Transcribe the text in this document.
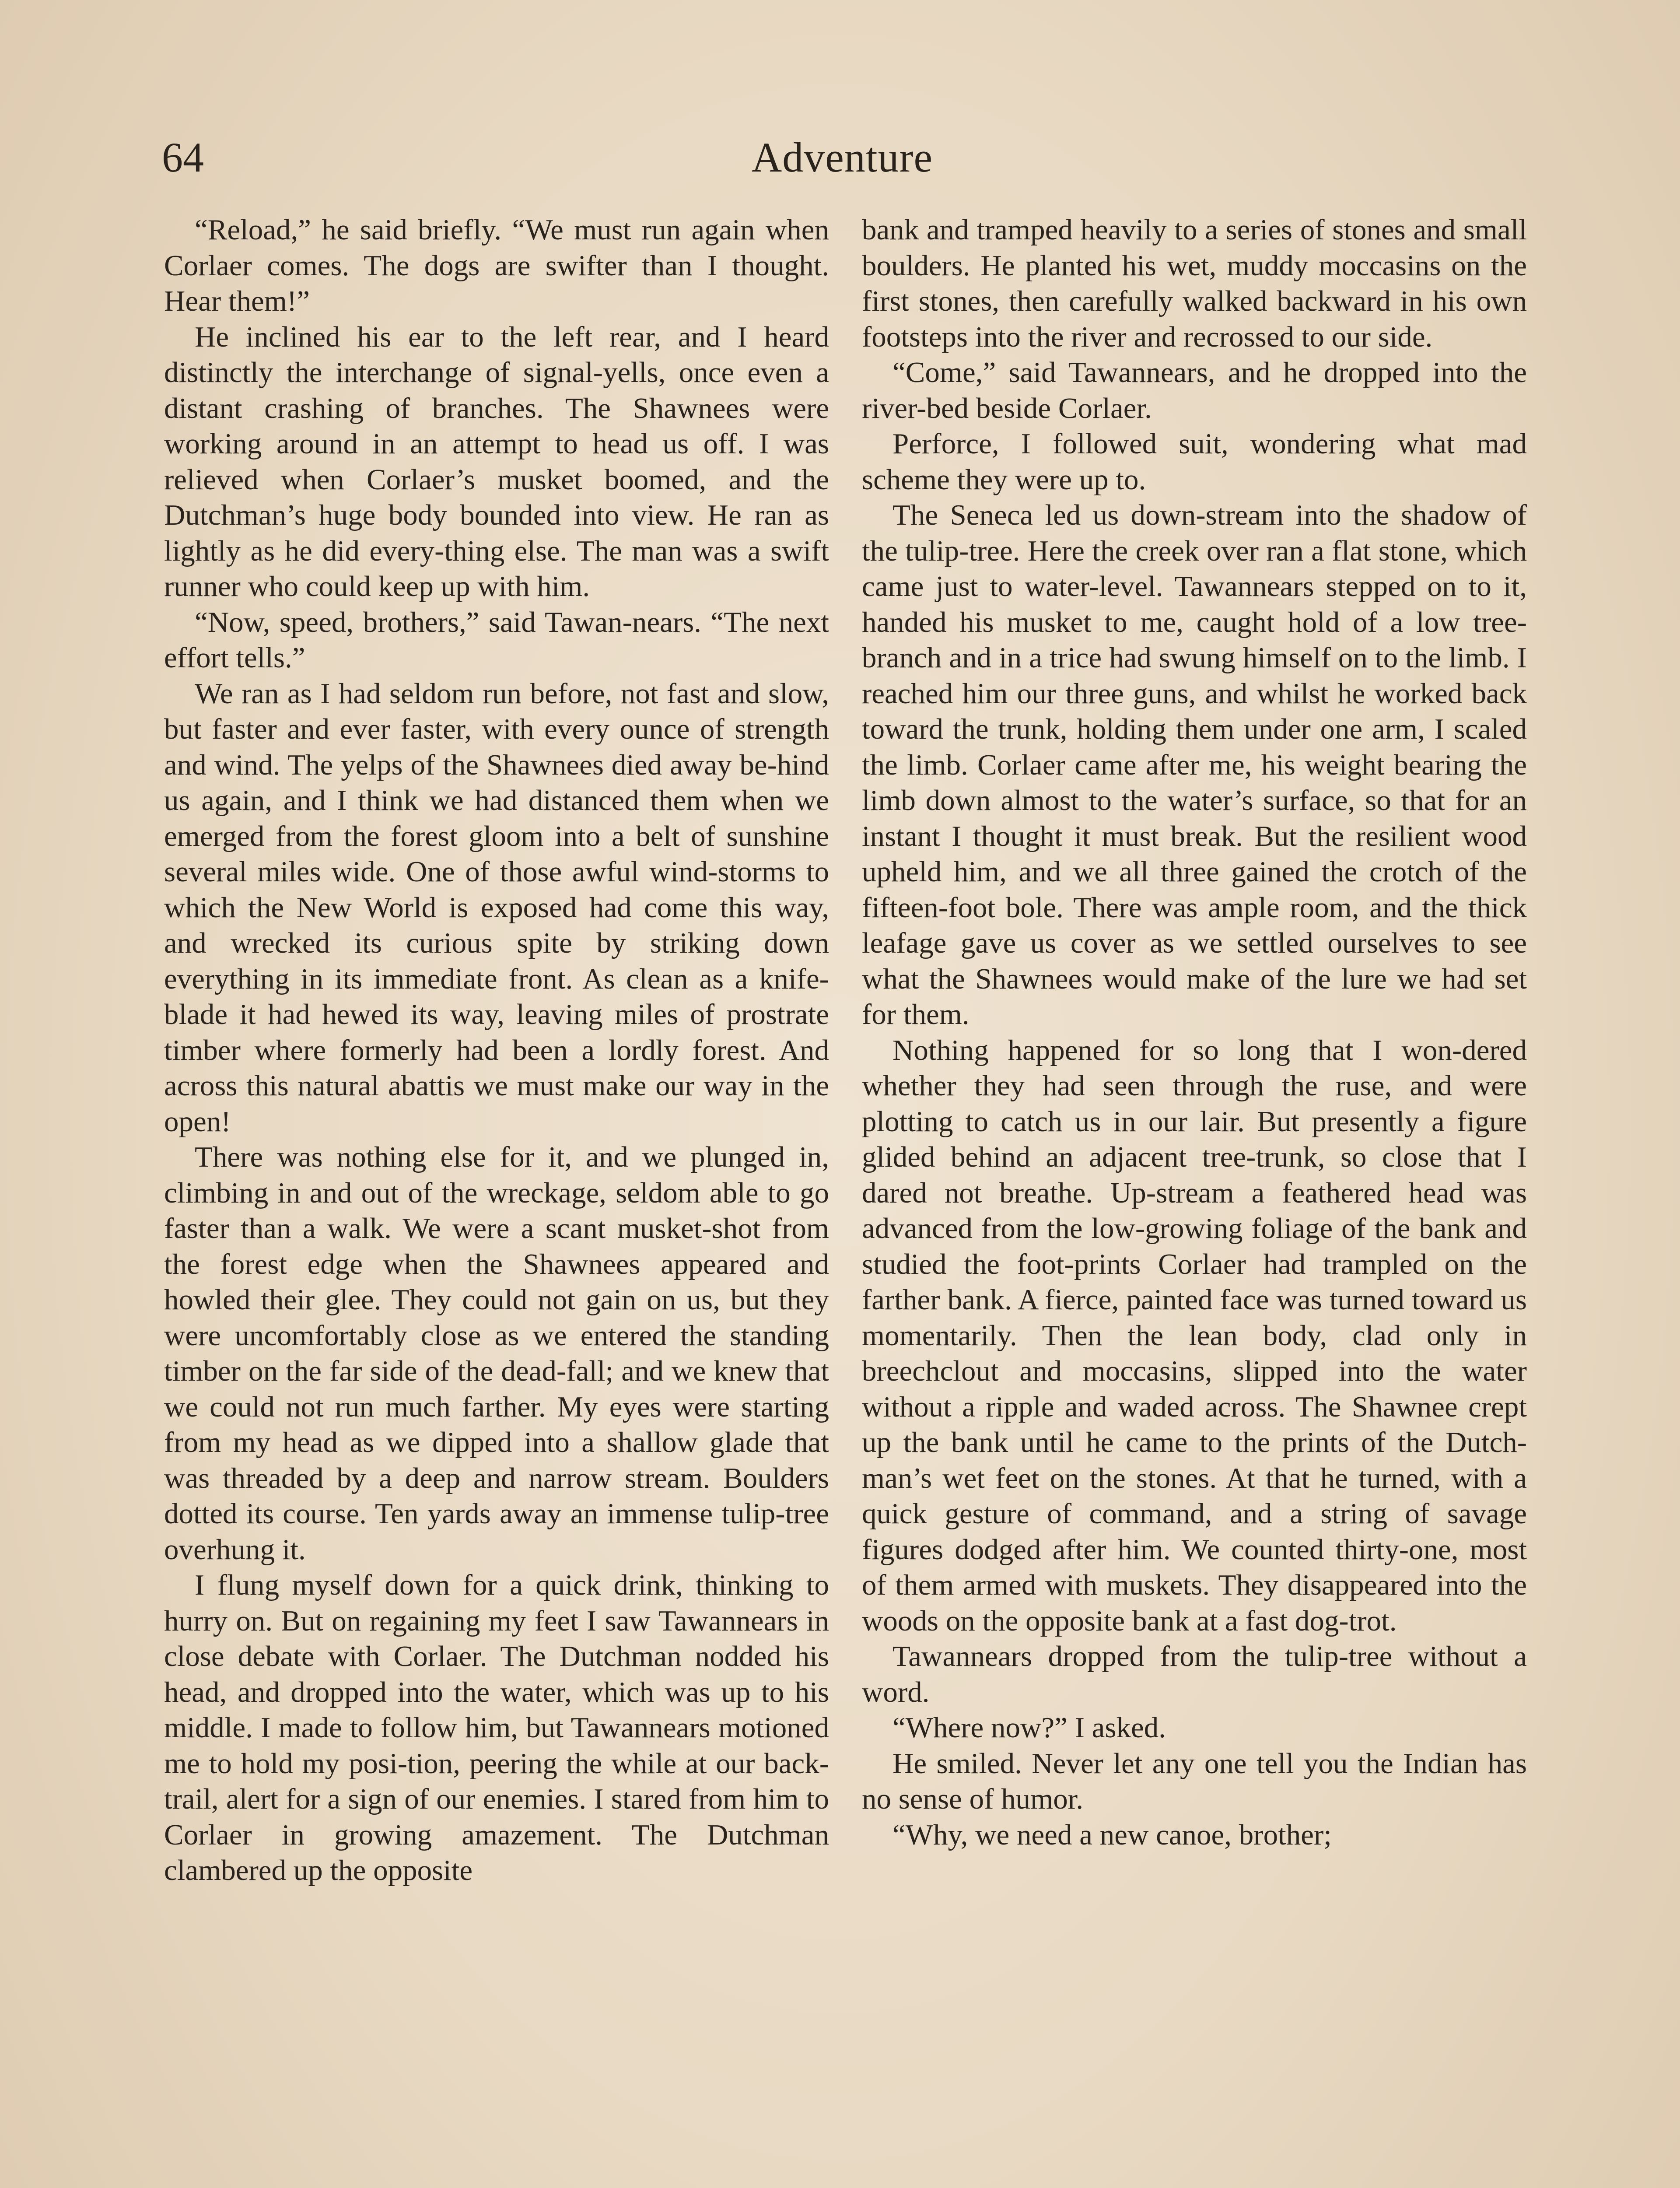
64	Adventure

“Reload,” he said briefly. “We must run again when Corlaer comes. The dogs are swifter than I thought. Hear them!”

He inclined his ear to the left rear, and I heard distinctly the interchange of signal-yells, once even a distant crashing of branches. The Shawnees were working around in an attempt to head us off. I was relieved when Corlaer’s musket boomed, and the Dutchman’s huge body bounded into view. He ran as lightly as he did every-thing else. The man was a swift runner who could keep up with him.

“Now, speed, brothers,” said Tawan-nears. “The next effort tells.”

We ran as I had seldom run before, not fast and slow, but faster and ever faster, with every ounce of strength and wind. The yelps of the Shawnees died away be-hind us again, and I think we had distanced them when we emerged from the forest gloom into a belt of sunshine several miles wide. One of those awful wind-storms to which the New World is exposed had come this way, and wrecked its curious spite by striking down everything in its immediate front. As clean as a knife-blade it had hewed its way, leaving miles of prostrate timber where formerly had been a lordly forest. And across this natural abattis we must make our way in the open!

There was nothing else for it, and we plunged in, climbing in and out of the wreckage, seldom able to go faster than a walk. We were a scant musket-shot from the forest edge when the Shawnees appeared and howled their glee. They could not gain on us, but they were uncomfortably close as we entered the standing timber on the far side of the dead-fall; and we knew that we could not run much farther. My eyes were starting from my head as we dipped into a shallow glade that was threaded by a deep and narrow stream. Boulders dotted its course. Ten yards away an immense tulip-tree overhung it.

I flung myself down for a quick drink, thinking to hurry on. But on regaining my feet I saw Tawannears in close debate with Corlaer. The Dutchman nodded his head, and dropped into the water, which was up to his middle. I made to follow him, but Tawannears motioned me to hold my posi-tion, peering the while at our back-trail, alert for a sign of our enemies. I stared from him to Corlaer in growing amazement. The Dutchman clambered up the opposite

bank and tramped heavily to a series of stones and small boulders. He planted his wet, muddy moccasins on the first stones, then carefully walked backward in his own footsteps into the river and recrossed to our side.

“Come,” said Tawannears, and he dropped into the river-bed beside Corlaer.

Perforce, I followed suit, wondering what mad scheme they were up to.

The Seneca led us down-stream into the shadow of the tulip-tree. Here the creek over ran a flat stone, which came just to water-level. Tawannears stepped on to it, handed his musket to me, caught hold of a low tree-branch and in a trice had swung himself on to the limb. I reached him our three guns, and whilst he worked back toward the trunk, holding them under one arm, I scaled the limb. Corlaer came after me, his weight bearing the limb down almost to the water’s surface, so that for an instant I thought it must break. But the resilient wood upheld him, and we all three gained the crotch of the fifteen-foot bole. There was ample room, and the thick leafage gave us cover as we settled ourselves to see what the Shawnees would make of the lure we had set for them.

Nothing happened for so long that I won-dered whether they had seen through the ruse, and were plotting to catch us in our lair. But presently a figure glided behind an adjacent tree-trunk, so close that I dared not breathe. Up-stream a feathered head was advanced from the low-growing foliage of the bank and studied the foot-prints Corlaer had trampled on the farther bank. A fierce, painted face was turned toward us momentarily. Then the lean body, clad only in breechclout and moccasins, slipped into the water without a ripple and waded across. The Shawnee crept up the bank until he came to the prints of the Dutch-man’s wet feet on the stones. At that he turned, with a quick gesture of command, and a string of savage figures dodged after him. We counted thirty-one, most of them armed with muskets. They disappeared into the woods on the opposite bank at a fast dog-trot.

Tawannears dropped from the tulip-tree without a word.

“Where now?” I asked.

He smiled. Never let any one tell you the Indian has no sense of humor.

“Why, we need a new canoe, brother;
